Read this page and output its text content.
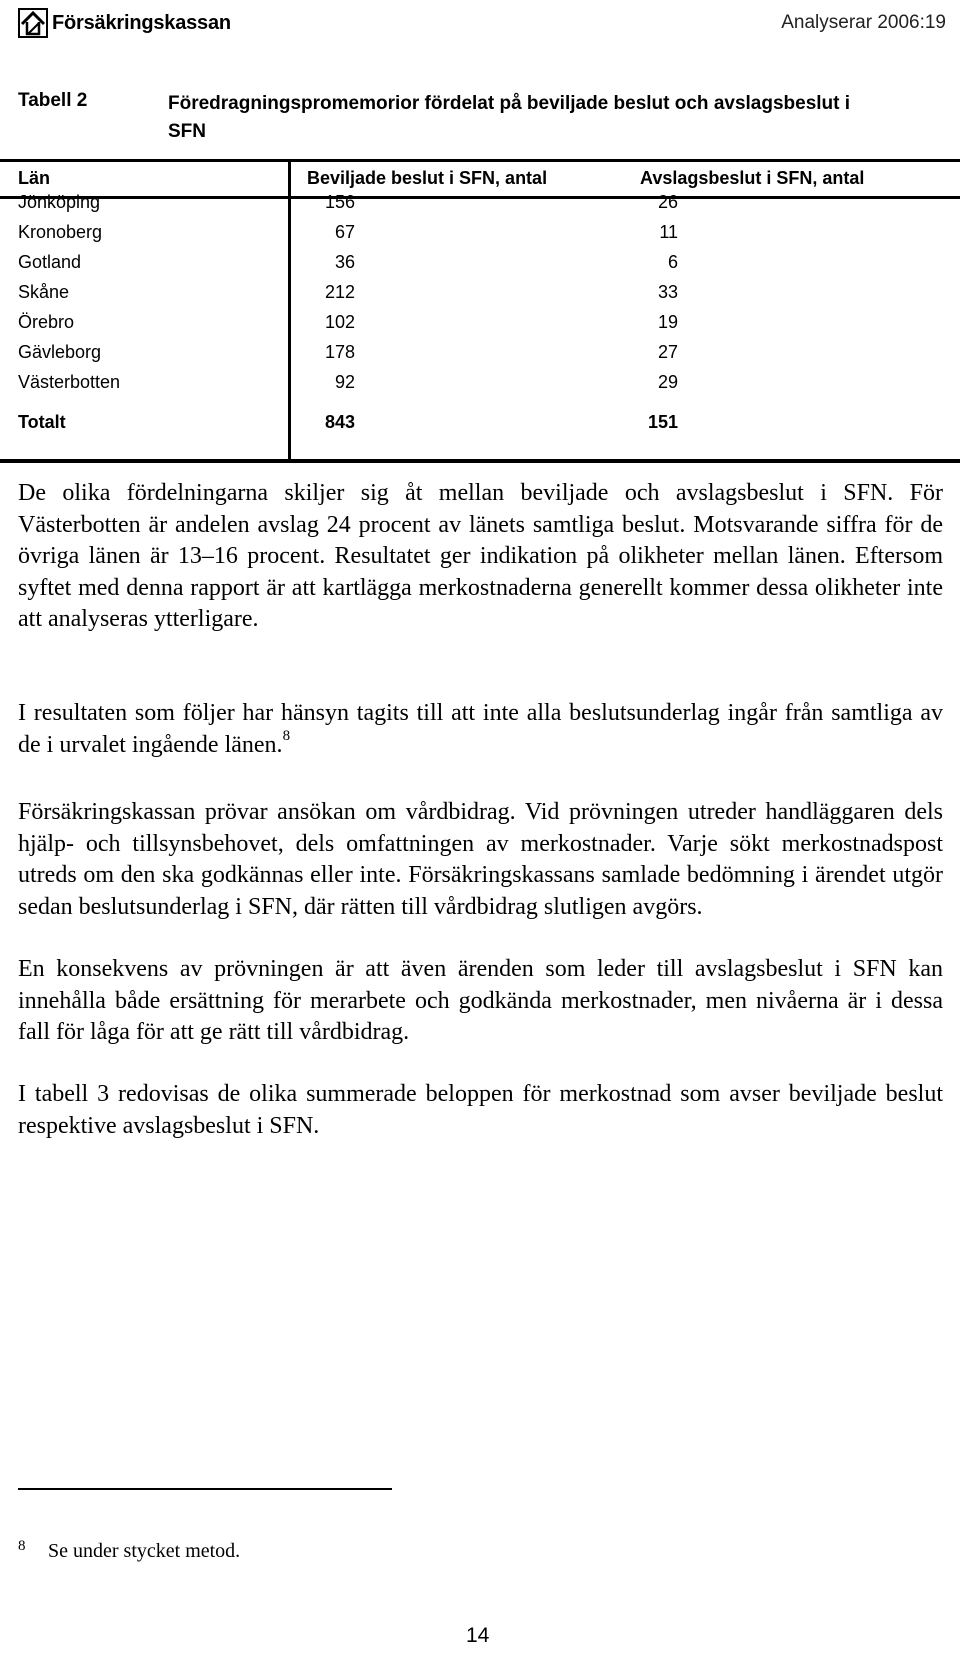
Försäkringskassan	Analyserar 2006:19
Tabell 2	Föredragningspromemorior fördelat på beviljade beslut och avslagsbeslut i SFN
Län	Beviljade beslut i SFN, antal	Avslagsbeslut i SFN, antal
Jönköping	156	26
Kronoberg	67	11
Gotland	36	6
Skåne	212	33
Örebro	102	19
Gävleborg	178	27
Västerbotten	92	29
Totalt	843	151

De olika fördelningarna skiljer sig åt mellan beviljade och avslagsbeslut i SFN. För Västerbotten är andelen avslag 24 procent av länets samtliga beslut. Motsvarande siffra för de övriga länen är 13–16 procent. Resultatet ger indikation på olikheter mellan länen. Eftersom syftet med denna rapport är att kartlägga merkostnaderna generellt kommer dessa olikheter inte att analyseras ytterligare.

I resultaten som följer har hänsyn tagits till att inte alla beslutsunderlag ingår från samtliga av de i urvalet ingående länen.$^8$

Försäkringskassan prövar ansökan om vårdbidrag. Vid prövningen utreder handläggaren dels hjälp- och tillsynsbehovet, dels omfattningen av merkostnader. Varje sökt merkostnadspost utreds om den ska godkännas eller inte. Försäkringskassans samlade bedömning i ärendet utgör sedan beslutsunderlag i SFN, där rätten till vårdbidrag slutligen avgörs.

En konsekvens av prövningen är att även ärenden som leder till avslagsbeslut i SFN kan innehålla både ersättning för merarbete och godkända merkostnader, men nivåerna är i dessa fall för låga för att ge rätt till vårdbidrag.

I tabell 3 redovisas de olika summerade beloppen för merkostnad som avser beviljade beslut respektive avslagsbeslut i SFN.

8 Se under stycket metod.
14
